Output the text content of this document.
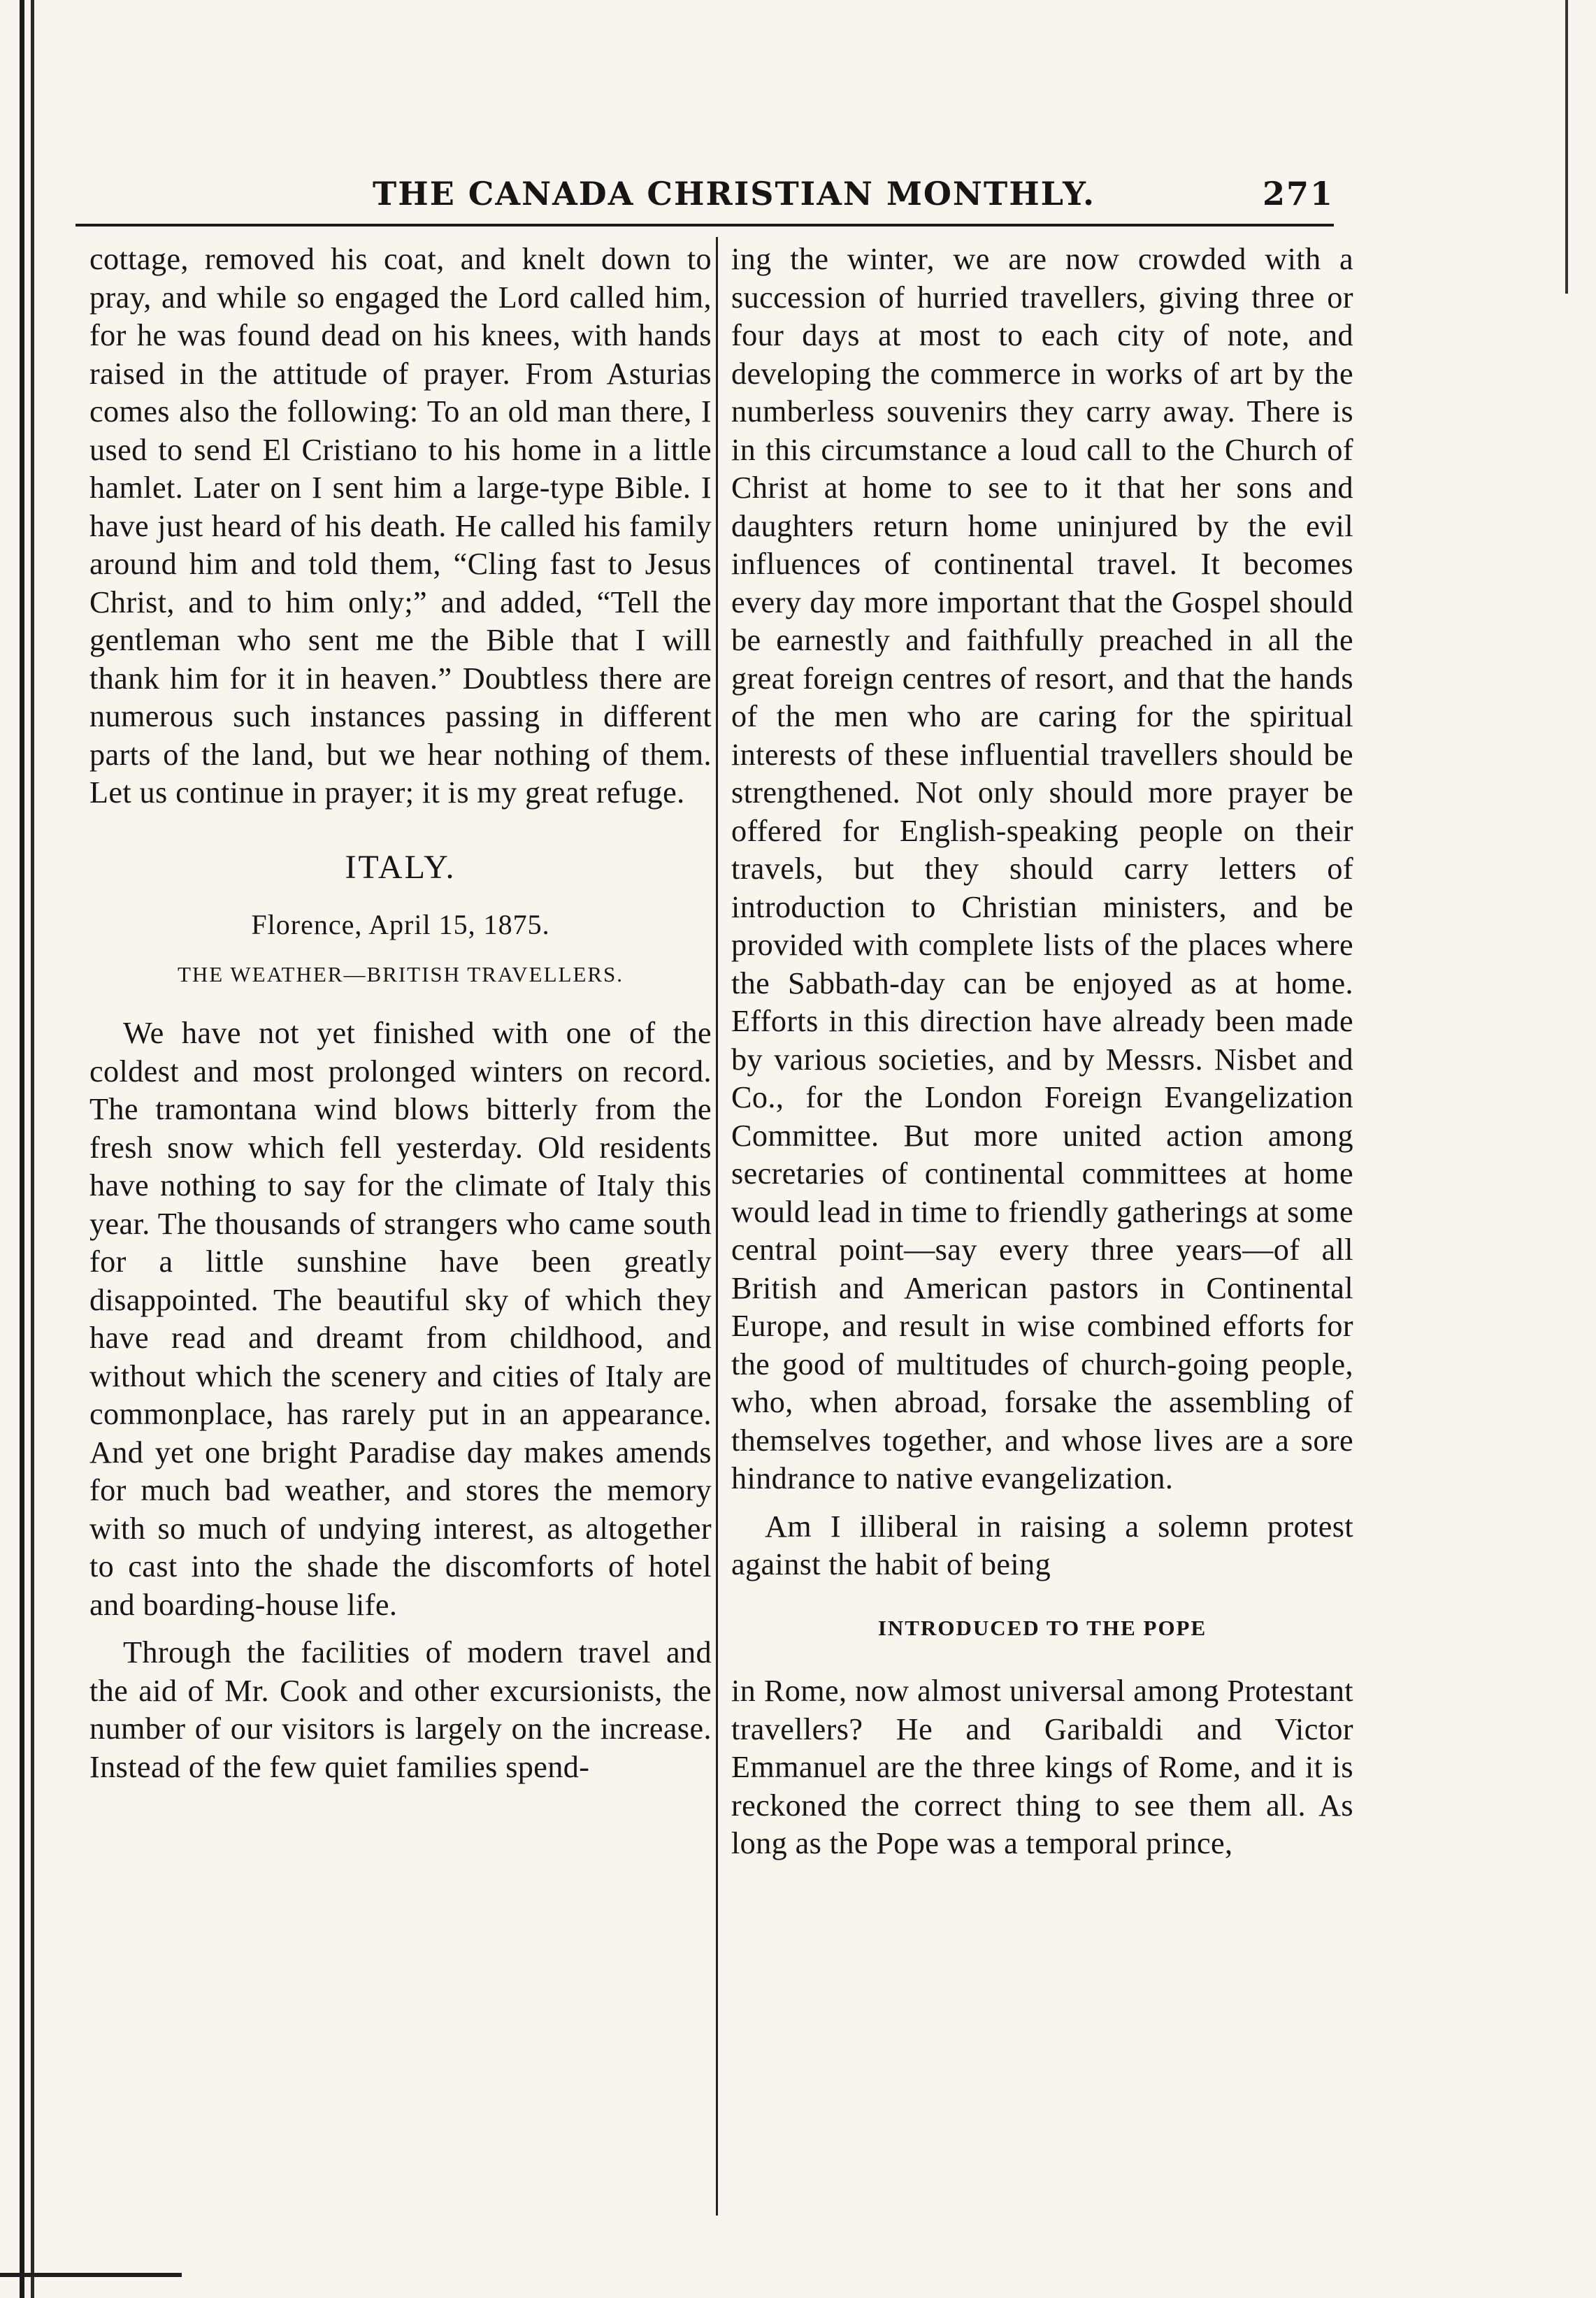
THE CANADA CHRISTIAN MONTHLY.	271

cottage, removed his coat, and knelt down to pray, and while so engaged the Lord called him, for he was found dead on his knees, with hands raised in the attitude of prayer. From Asturias comes also the following: To an old man there, I used to send El Cristiano to his home in a little hamlet. Later on I sent him a large-type Bible. I have just heard of his death. He called his family around him and told them, “Cling fast to Jesus Christ, and to him only;” and added, “Tell the gentleman who sent me the Bible that I will thank him for it in heaven.” Doubtless there are numerous such instances passing in different parts of the land, but we hear nothing of them. Let us continue in prayer; it is my great refuge.

ITALY.
Florence, April 15, 1875.
THE WEATHER—BRITISH TRAVELLERS.

We have not yet finished with one of the coldest and most prolonged winters on record. The tramontana wind blows bitterly from the fresh snow which fell yesterday. Old residents have nothing to say for the climate of Italy this year. The thousands of strangers who came south for a little sunshine have been greatly disappointed. The beautiful sky of which they have read and dreamt from childhood, and without which the scenery and cities of Italy are commonplace, has rarely put in an appearance. And yet one bright Paradise day makes amends for much bad weather, and stores the memory with so much of undying interest, as altogether to cast into the shade the discomforts of hotel and boarding-house life.

Through the facilities of modern travel and the aid of Mr. Cook and other excursionists, the number of our visitors is largely on the increase. Instead of the few quiet families spend-

ing the winter, we are now crowded with a succession of hurried travellers, giving three or four days at most to each city of note, and developing the commerce in works of art by the numberless souvenirs they carry away. There is in this circumstance a loud call to the Church of Christ at home to see to it that her sons and daughters return home uninjured by the evil influences of continental travel. It becomes every day more important that the Gospel should be earnestly and faithfully preached in all the great foreign centres of resort, and that the hands of the men who are caring for the spiritual interests of these influential travellers should be strengthened. Not only should more prayer be offered for English-speaking people on their travels, but they should carry letters of introduction to Christian ministers, and be provided with complete lists of the places where the Sabbath-day can be enjoyed as at home. Efforts in this direction have already been made by various societies, and by Messrs. Nisbet and Co., for the London Foreign Evangelization Committee. But more united action among secretaries of continental committees at home would lead in time to friendly gatherings at some central point—say every three years—of all British and American pastors in Continental Europe, and result in wise combined efforts for the good of multitudes of church-going people, who, when abroad, forsake the assembling of themselves together, and whose lives are a sore hindrance to native evangelization.

Am I illiberal in raising a solemn protest against the habit of being

INTRODUCED TO THE POPE

in Rome, now almost universal among Protestant travellers? He and Garibaldi and Victor Emmanuel are the three kings of Rome, and it is reckoned the correct thing to see them all. As long as the Pope was a temporal prince,
